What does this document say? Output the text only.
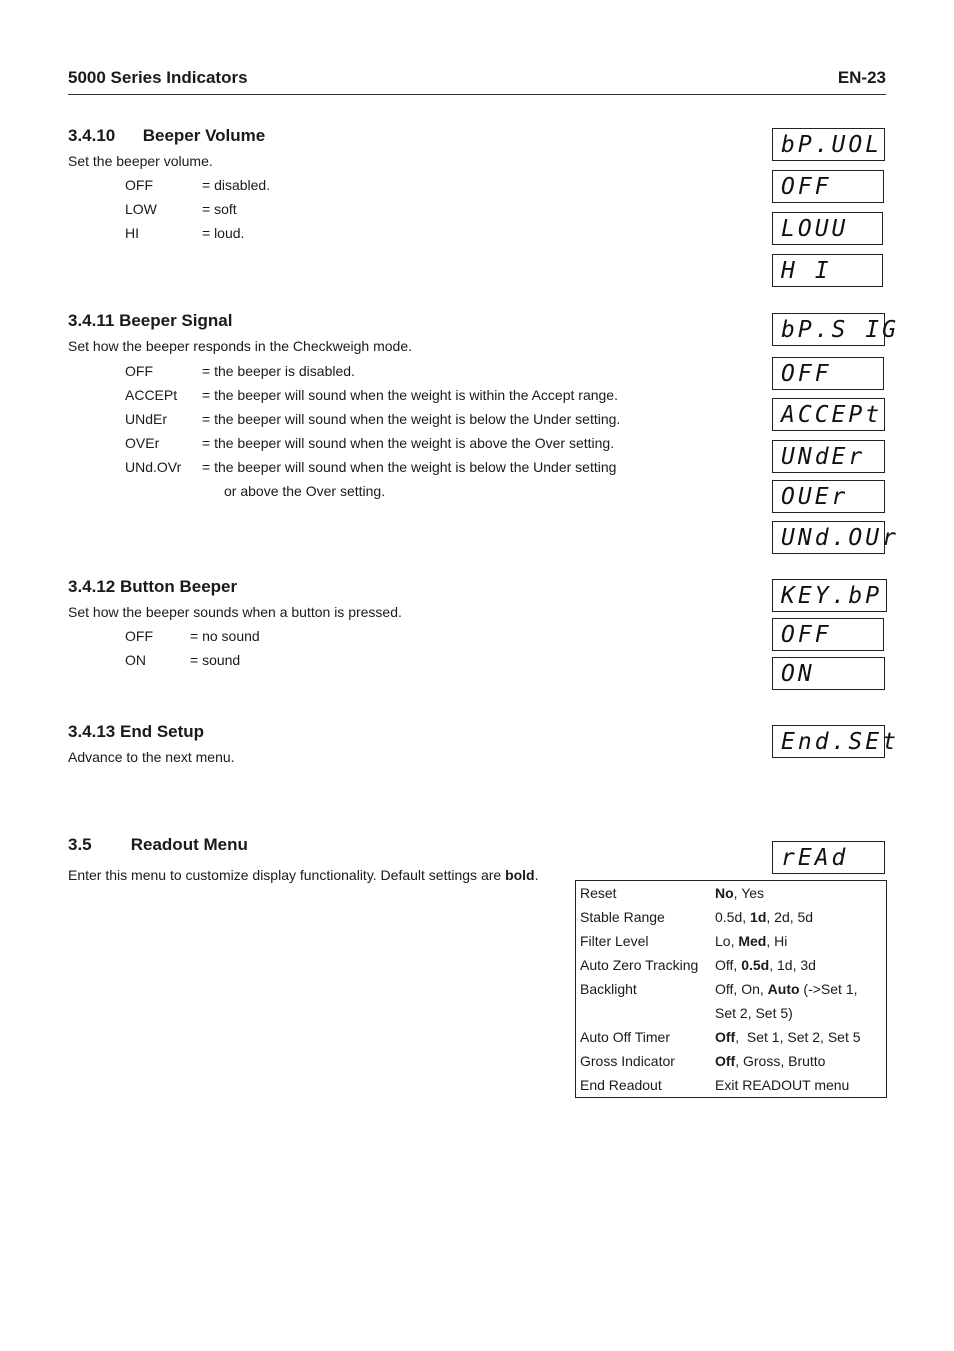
5000 Series Indicators	EN-23
3.4.10 Beeper Volume
Set the beeper volume.
OFF	= disabled.
LOW	= soft
HI	= loud.
bP.UOL
OFF
LOUU
H I
3.4.11 Beeper Signal
Set how the beeper responds in the Checkweigh mode.
OFF	= the beeper is disabled.
ACCEPt = the beeper will sound when the weight is within the Accept range.
UNdEr = the beeper will sound when the weight is below the Under setting.
OVEr	= the beeper will sound when the weight is above the Over setting.
UNd.OVr = the beeper will sound when the weight is below the Under setting
or above the Over setting.
bP.S IG
OFF
ACCEPt
UNdEr
OUEr
UNd.OUr
3.4.12 Button Beeper
Set how the beeper sounds when a button is pressed.
OFF	= no sound
ON	= sound
KEY.bP
OFF
ON
3.4.13 End Setup
Advance to the next menu.
End.SEt
3.5 Readout Menu
Enter this menu to customize display functionality. Default settings are bold.
rEAd
Reset	No, Yes
Stable Range	0.5d, 1d, 2d, 5d
Filter Level	Lo, Med, Hi
Auto Zero Tracking	Off, 0.5d, 1d, 3d
Backlight	Off, On, Auto (->Set 1,
	Set 2, Set 5)
Auto Off Timer	Off,  Set 1, Set 2, Set 5
Gross Indicator	Off, Gross, Brutto
End Readout	Exit READOUT menu
